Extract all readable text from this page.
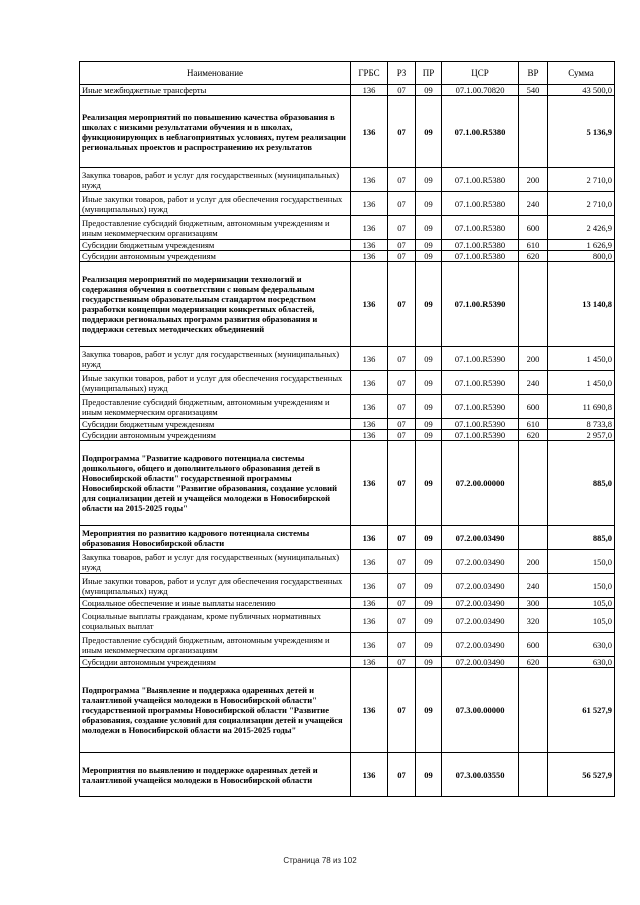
Наименование	ГРБС	РЗ	ПР	ЦСР	ВР	Сумма
Иные межбюджетные трансферты	136	07	09	07.1.00.70820	540	43 500,0
Реализация мероприятий по повышению качества образования в школах с низкими результатами обучения и в школах, функционирующих в неблагоприятных условиях, путем реализации региональных проектов и распространению их результатов	136	07	09	07.1.00.R5380		5 136,9
Закупка товаров, работ и услуг для государственных (муниципальных) нужд	136	07	09	07.1.00.R5380	200	2 710,0
Иные закупки товаров, работ и услуг для обеспечения государственных (муниципальных) нужд	136	07	09	07.1.00.R5380	240	2 710,0
Предоставление субсидий бюджетным, автономным учреждениям и иным некоммерческим организациям	136	07	09	07.1.00.R5380	600	2 426,9
Субсидии бюджетным учреждениям	136	07	09	07.1.00.R5380	610	1 626,9
Субсидии автономным учреждениям	136	07	09	07.1.00.R5380	620	800,0
Реализация мероприятий по модернизации технологий и содержания обучения в соответствии с новым федеральным государственным образовательным стандартом посредством разработки концепции модернизации конкретных областей, поддержки региональных программ развития образования и поддержки сетевых методических объединений	136	07	09	07.1.00.R5390		13 140,8
Закупка товаров, работ и услуг для государственных (муниципальных) нужд	136	07	09	07.1.00.R5390	200	1 450,0
Иные закупки товаров, работ и услуг для обеспечения государственных (муниципальных) нужд	136	07	09	07.1.00.R5390	240	1 450,0
Предоставление субсидий бюджетным, автономным учреждениям и иным некоммерческим организациям	136	07	09	07.1.00.R5390	600	11 690,8
Субсидии бюджетным учреждениям	136	07	09	07.1.00.R5390	610	8 733,8
Субсидии автономным учреждениям	136	07	09	07.1.00.R5390	620	2 957,0
Подпрограмма "Развитие кадрового потенциала системы дошкольного, общего и дополнительного образования детей в Новосибирской области" государственной программы Новосибирской области "Развитие образования, создание условий для социализации детей и учащейся молодежи в Новосибирской области на 2015-2025 годы"	136	07	09	07.2.00.00000		885,0
Мероприятия по развитию кадрового потенциала системы образования Новосибирской области	136	07	09	07.2.00.03490		885,0
Закупка товаров, работ и услуг для государственных (муниципальных) нужд	136	07	09	07.2.00.03490	200	150,0
Иные закупки товаров, работ и услуг для обеспечения государственных (муниципальных) нужд	136	07	09	07.2.00.03490	240	150,0
Социальное обеспечение и иные выплаты населению	136	07	09	07.2.00.03490	300	105,0
Социальные выплаты гражданам, кроме публичных нормативных социальных выплат	136	07	09	07.2.00.03490	320	105,0
Предоставление субсидий бюджетным, автономным учреждениям и иным некоммерческим организациям	136	07	09	07.2.00.03490	600	630,0
Субсидии автономным учреждениям	136	07	09	07.2.00.03490	620	630,0
Подпрограмма "Выявление и поддержка одаренных детей и талантливой учащейся молодежи в Новосибирской области" государственной программы Новосибирской области "Развитие образования, создание условий для социализации детей и учащейся молодежи в Новосибирской области на 2015-2025 годы"	136	07	09	07.3.00.00000		61 527,9
Мероприятия по выявлению и поддержке одаренных детей и талантливой учащейся молодежи в Новосибирской области	136	07	09	07.3.00.03550		56 527,9
Страница 78 из 102
